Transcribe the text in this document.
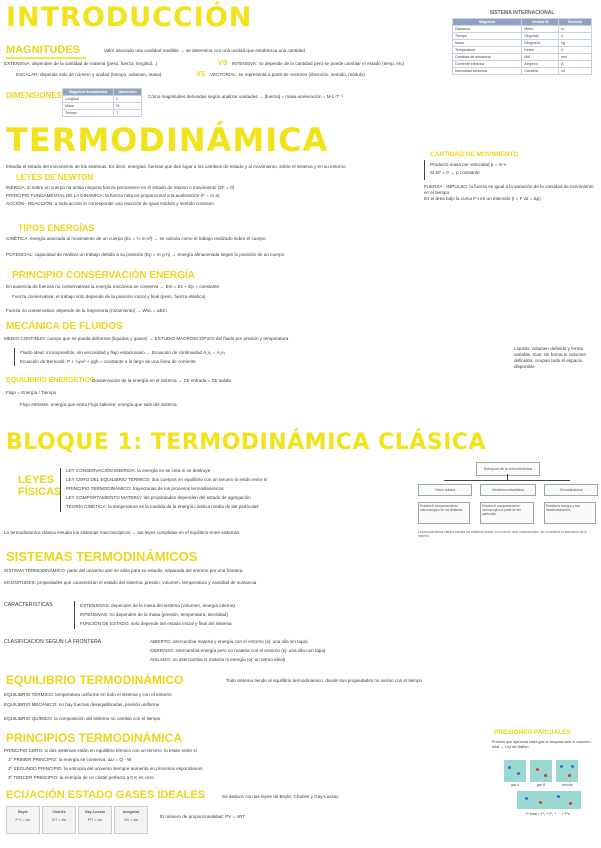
INTRODUCCIÓN	SISTEMA INTERNACIONAL
Magnitud	Unidad SI	Símbolo
Distancia	Metro	m
Tiempo	Segundo	s
Masa	Kilogramo	kg
Temperatura	Kelvin	K
Cantidad de sustancia	Mol	mol
Corriente eléctrica	Amperio	A
Intensidad luminosa	Candela	cd
MAGNITUDES	Valor asociado una cualidad medible → se determina con una unidad que establezca una cantidad
EXTENSIVA: dependen de la cantidad de materia (peso, fuerza, longitud...)	VS INTENSIVA: no depende de la cantidad pero se puede cambiar el estado (temp, etc)
ESCALAR: depende solo de número y unidad (tiempo, volumen, masa)	VS VECTORIAL: se representa a partir de vectores (dirección, sentido, módulo)
DIMENSIONES Magnitud fundamental	Dimensión
Longitud	L
Masa	M
Tiempo	T
Cómo magnitudes derivadas según analizar unidades → [fuerza] = masa·aceleración = M·L·T⁻²
TERMODINÁMICA
Estudia el estado del movimiento de los sistemas. Es decir, energías, fuerzas que dan lugar a los cambios de estado y al movimiento, sobre el sistema y en su entorno
LEYES DE NEWTON
INERCIA: si sobre un cuerpo no actúa ninguna fuerza permanece en el estado de reposo o movimiento (ΣF = 0)
PRINCIPIO FUNDAMENTAL DE LA DINÁMICA: la fuerza neta es proporcional a la aceleración (F = m·a)
ACCIÓN - REACCIÓN: a toda acción le corresponde una reacción de igual módulo y sentido contrario
CANTIDAD DE MOVIMIENTO
Producto masa por velocidad p = m·v
Si ΣF = 0 → p constante
FUERZA - IMPULSO: la fuerza es igual a la variación de la cantidad de movimiento en el tiempo
Es el área bajo la curva F-t en un intervalo (I = F·Δt = Δp)
TIPOS ENERGÍAS
CINÉTICA: energía asociada al movimiento de un cuerpo (Ec = ½·m·v²) → se calcula como el trabajo realizado sobre el cuerpo
POTENCIAL: capacidad de realizar un trabajo debido a su posición (Ep = m·g·h) → energía almacenada según la posición de un cuerpo
PRINCIPIO CONSERVACIÓN ENERGÍA
En ausencia de fuerzas no conservativas la energía mecánica se conserva → Em = Ec + Ep = constante
Fuerza conservativa: el trabajo solo depende de la posición inicial y final (peso, fuerza elástica)
Fuerza no conservativa: depende de la trayectoria (rozamiento) → Wnc = ΔEm
MECÁNICA DE FLUIDOS
MEDIO CONTINUO: cuerpo que se puede deformar (líquidos y gases) → ESTUDIO MACROSCÓPICO del fluido por presión y temperatura
Fluido ideal: incompresible, sin viscosidad y flujo estacionario → Ecuación de continuidad A₁v₁ = A₂v₂
Ecuación de Bernoulli: P + ½ρv² + ρgh = constante a lo largo de una línea de corriente
Líquido: volumen definido y forma variable. Gas: sin forma ni volumen definidos, ocupan todo el espacio disponible
EQUILIBRIO ENERGÉTICO
Conservación de la energía en el sistema → ΣE entrada = ΣE salida
Flujo = Energía / Tiempo
Flujo entrante: energía que entra Flujo saliente: energía que sale del sistema
BLOQUE 1: TERMODINÁMICA CLÁSICA
LEYES FÍSICAS
LEY CONSERVACIÓN ENERGÍA: la energía no se crea ni se destruye
LEY CERO DEL EQUILIBRIO TÉRMICO: dos cuerpos en equilibrio con un tercero lo están entre sí
PRINCIPIO TERMODINÁMICO: trayectorias de los procesos termodinámicos
LEY COMPORTAMIENTO MATERIA: las propiedades dependen del estado de agregación
TEORÍA CINÉTICA: la temperatura es la medida de la energía cinética media de las partículas
Enfoques de la termodinámica
Visión clásica	Mecánica estadística	Termodinámica
Estudia el comportamiento macroscópico de los sistemas
Estudia el comportamiento microscópico a partir de las partículas
Estudia la energía y sus transformaciones
La termodinámica clásica estudia los sistemas desde un punto de vista macroscópico, sin considerar la estructura de la materia
La termodinámica clásica estudia los sistemas macroscópicos → las leyes cumplidas en el equilibrio entre sistemas
SISTEMAS TERMODINÁMICOS
SISTEMA TERMODINÁMICO: parte del universo que se aísla para su estudio, separada del entorno por una frontera
MAGNITUDES: propiedades que caracterizan el estado del sistema: presión, volumen, temperatura y cantidad de sustancia
CARACTERÍSTICAS	EXTENSIVAS: dependen de la masa del sistema (volumen, energía interna)
INTENSIVAS: no dependen de la masa (presión, temperatura, densidad)
FUNCIÓN DE ESTADO: solo depende del estado inicial y final del sistema
CLASIFICACIÓN SEGÚN LA FRONTERA	ABIERTO: intercambia materia y energía con el entorno (ej: una olla sin tapa)
CERRADO: intercambia energía pero no materia con el entorno (ej: una olla con tapa)
AISLADO: no intercambia ni materia ni energía (ej: un termo ideal)
EQUILIBRIO TERMODINÁMICO	Todo sistema tiende al equilibrio termodinámico, donde sus propiedades no varían con el tiempo
EQUILIBRIO TÉRMICO: temperatura uniforme en todo el sistema y con el entorno
EQUILIBRIO MECÁNICO: no hay fuerzas desequilibradas, presión uniforme
EQUILIBRIO QUÍMICO: la composición del sistema no cambia con el tiempo
PRINCIPIOS TERMODINÁMICA
PRINCIPIO CERO: si dos sistemas están en equilibrio térmico con un tercero, lo están entre sí
1º PRIMER PRINCIPIO: la energía se conserva, ΔU = Q - W
2º SEGUNDO PRINCIPIO: la entropía del universo siempre aumenta en procesos espontáneos
3º TERCER PRINCIPIO: la entropía de un cristal perfecto a 0 K es cero
PRESIONES PARCIALES
Presión que ejercería cada gas si ocupara solo el volumen total → Ley de Dalton
gas A	gas B	mezcla
P total = P₁ + P₂ + ... + Pn
ECUACIÓN ESTADO GASES IDEALES	Se deduce con las leyes de Boyle, Charles y Gay-Lussac
Boyle
P·V = cte
Charles
V/T = cte
Gay-Lussac
P/T = cte
Avogadro
V/n = cte
El número de proporcionalidad: PV = nRT
